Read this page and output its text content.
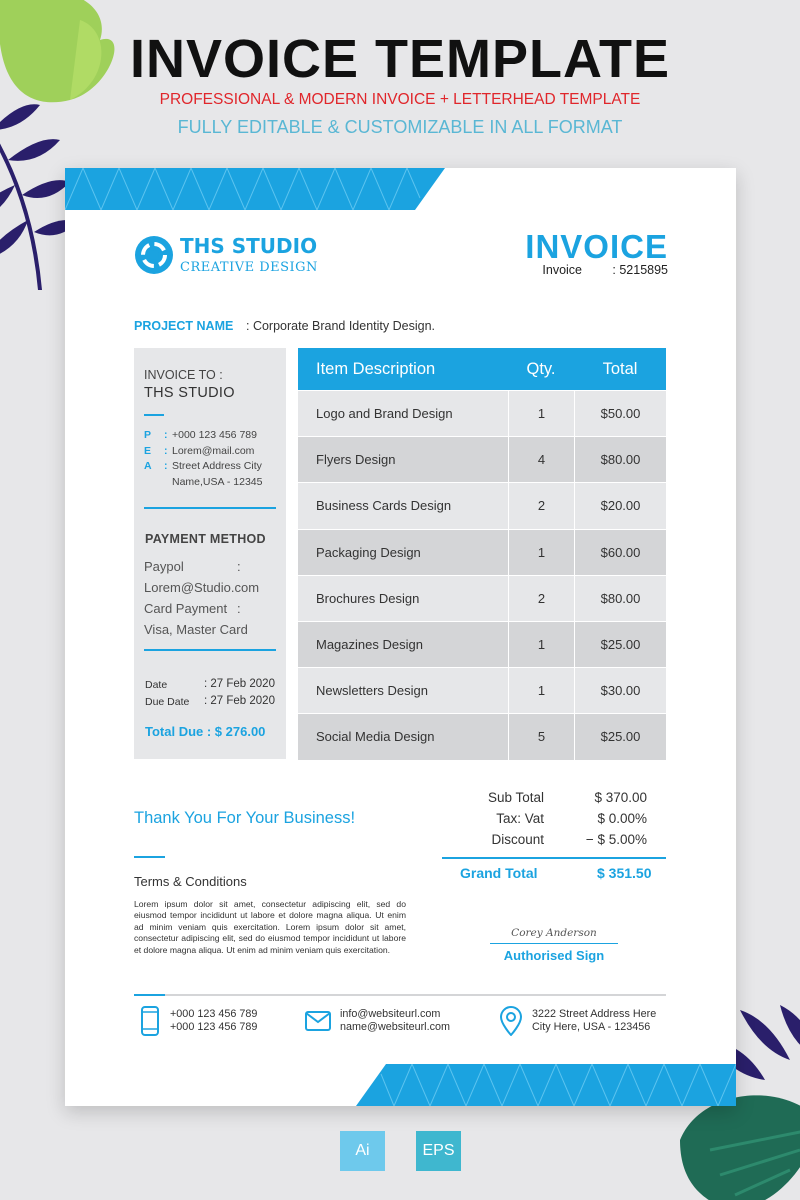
INVOICE TEMPLATE
PROFESSIONAL & MODERN INVOICE + LETTERHEAD TEMPLATE
FULLY EDITABLE & CUSTOMIZABLE IN ALL FORMAT
THS STUDIO
CREATIVE DESIGN
INVOICE
Invoice : 5215895
PROJECT NAME : Corporate Brand Identity Design.
INVOICE TO :
THS STUDIO
P	: +000 123 456 789
E	: Lorem@mail.com
A	: Street Address City
Name,USA - 12345
PAYMENT METHOD
Paypol	:
Lorem@Studio.com
Card Payment :
Visa, Master Card
Date	: 27 Feb 2020
Due Date : 27 Feb 2020
Total Due : $ 276.00
Item Description	Qty.	Total
Logo and Brand Design	1	$50.00
Flyers Design	4	$80.00
Business Cards Design	2	$20.00
Packaging Design	1	$60.00
Brochures Design	2	$80.00
Magazines Design	1	$25.00
Newsletters Design	1	$30.00
Social Media Design	5	$25.00
Sub Total	$ 370.00
Tax: Vat	$ 0.00%
Discount	− $ 5.00%
Grand Total	$ 351.50
Thank You For Your Business!
Terms & Conditions
Lorem ipsum dolor sit amet, consectetur adipiscing elit, sed do eiusmod tempor incididunt ut labore et dolore magna aliqua. Ut enim ad minim veniam quis exercitation. Lorem ipsum dolor sit amet, consectetur adipiscing elit, sed do eiusmod tempor incididunt ut labore et dolore magna aliqua. Ut enim ad minim veniam quis exercitation.
Corey Anderson
Authorised Sign
+000 123 456 789
+000 123 456 789
info@websiteurl.com
name@websiteurl.com
3222 Street Address Here
City Here, USA - 123456
Ai	EPS
